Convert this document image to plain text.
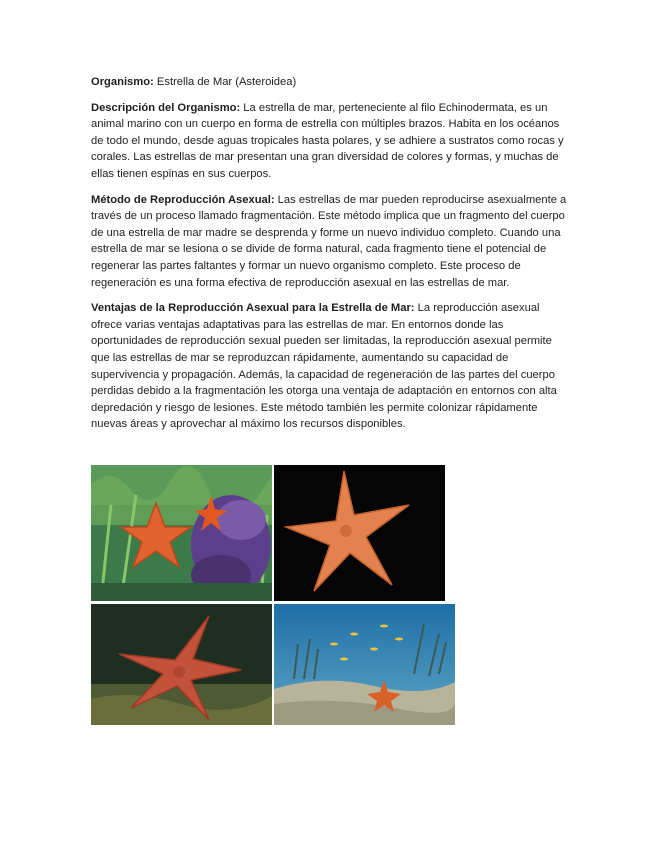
Organismo: Estrella de Mar (Asteroidea)

Descripción del Organismo: La estrella de mar, perteneciente al filo Echinodermata, es un animal marino con un cuerpo en forma de estrella con múltiples brazos. Habita en los océanos de todo el mundo, desde aguas tropicales hasta polares, y se adhiere a sustratos como rocas y corales. Las estrellas de mar presentan una gran diversidad de colores y formas, y muchas de ellas tienen espinas en sus cuerpos.

Método de Reproducción Asexual: Las estrellas de mar pueden reproducirse asexualmente a través de un proceso llamado fragmentación. Este método implica que un fragmento del cuerpo de una estrella de mar madre se desprenda y forme un nuevo individuo completo. Cuando una estrella de mar se lesiona o se divide de forma natural, cada fragmento tiene el potencial de regenerar las partes faltantes y formar un nuevo organismo completo. Este proceso de regeneración es una forma efectiva de reproducción asexual en las estrellas de mar.

Ventajas de la Reproducción Asexual para la Estrella de Mar: La reproducción asexual ofrece varias ventajas adaptativas para las estrellas de mar. En entornos donde las oportunidades de reproducción sexual pueden ser limitadas, la reproducción asexual permite que las estrellas de mar se reproduzcan rápidamente, aumentando su capacidad de supervivencia y propagación. Además, la capacidad de regeneración de las partes del cuerpo perdidas debido a la fragmentación les otorga una ventaja de adaptación en entornos con alta depredación y riesgo de lesiones. Este método también les permite colonizar rápidamente nuevas áreas y aprovechar al máximo los recursos disponibles.
